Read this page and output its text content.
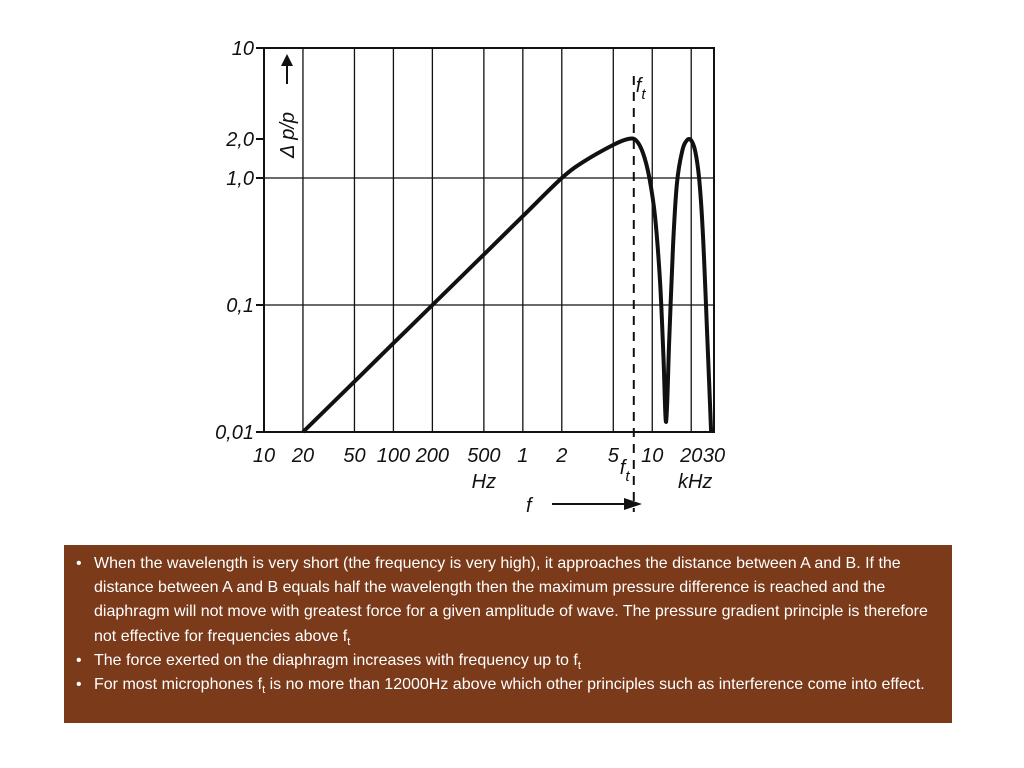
0,01
0,1
1,0
2,0
10
10 20 50 100 200 500 1 2 5 10 20 30
Hz	kHz
$f_t$
$f_t$
Δ p/p
f
• When the wavelength is very short (the frequency is very high), it approaches the distance between A and B. If the distance between A and B equals half the wavelength then the maximum pressure difference is reached and the diaphragm will not move with greatest force for a given amplitude of wave. The pressure gradient principle is therefore not effective for frequencies above $f_t$
• The force exerted on the diaphragm increases with frequency up to $f_t$
• For most microphones $f_t$ is no more than 12000Hz above which other principles such as interference come into effect.
